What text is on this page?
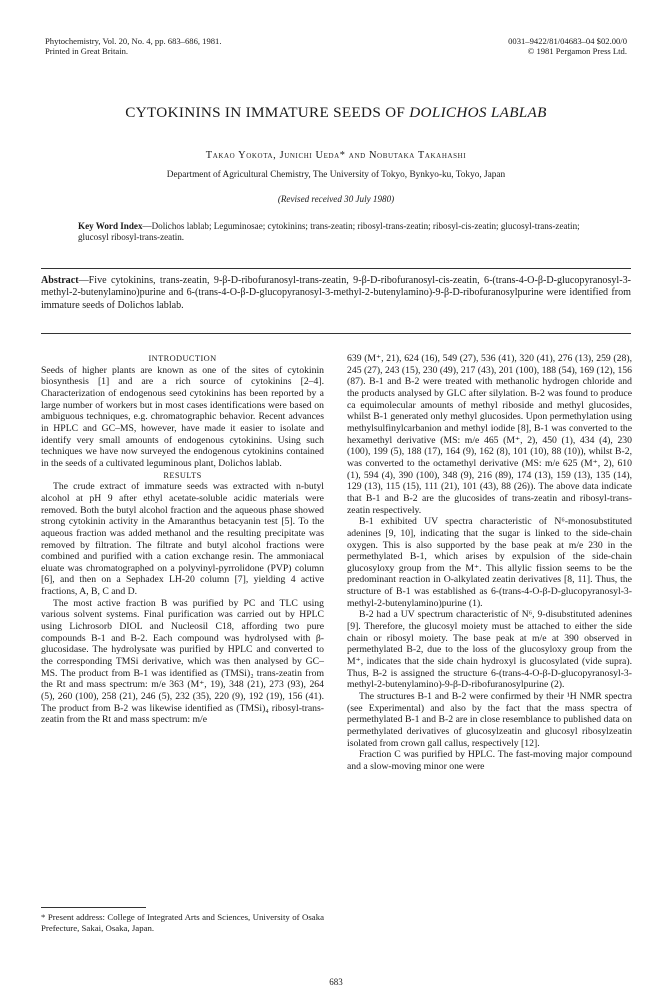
Phytochemistry, Vol. 20, No. 4, pp. 683–686, 1981.
Printed in Great Britain.
0031–9422/81/04683–04 $02.00/0
© 1981 Pergamon Press Ltd.
CYTOKININS IN IMMATURE SEEDS OF DOLICHOS LABLAB
Takao Yokota, Junichi Ueda* and Nobutaka Takahashi
Department of Agricultural Chemistry, The University of Tokyo, Bynkyo-ku, Tokyo, Japan
(Revised received 30 July 1980)
Key Word Index—Dolichos lablab; Leguminosae; cytokinins; trans-zeatin; ribosyl-trans-zeatin; ribosyl-cis-zeatin; glucosyl-trans-zeatin; glucosyl ribosyl-trans-zeatin.
Abstract—Five cytokinins, trans-zeatin, 9-β-D-ribofuranosyl-trans-zeatin, 9-β-D-ribofuranosyl-cis-zeatin, 6-(trans-4-O-β-D-glucopyranosyl-3-methyl-2-butenylamino)purine and 6-(trans-4-O-β-D-glucopyranosyl-3-methyl-2-butenylamino)-9-β-D-ribofuranosylpurine were identified from immature seeds of Dolichos lablab.

INTRODUCTION

Seeds of higher plants are known as one of the sites of cytokinin biosynthesis [1] and are a rich source of cytokinins [2–4]. Characterization of endogenous seed cytokinins has been reported by a large number of workers but in most cases identifications were based on ambiguous techniques, e.g. chromatographic behavior. Recent advances in HPLC and GC–MS, however, have made it easier to isolate and identify very small amounts of endogenous cytokinins. Using such techniques we have now surveyed the endogenous cytokinins contained in the seeds of a cultivated leguminous plant, Dolichos lablab.

RESULTS

The crude extract of immature seeds was extracted with n-butyl alcohol at pH 9 after ethyl acetate-soluble acidic materials were removed. Both the butyl alcohol fraction and the aqueous phase showed strong cytokinin activity in the Amaranthus betacyanin test [5]. To the aqueous fraction was added methanol and the resulting precipitate was removed by filtration. The filtrate and butyl alcohol fractions were combined and purified with a cation exchange resin. The ammoniacal eluate was chromatographed on a polyvinyl-pyrrolidone (PVP) column [6], and then on a Sephadex LH-20 column [7], yielding 4 active fractions, A, B, C and D.

The most active fraction B was purified by PC and TLC using various solvent systems. Final purification was carried out by HPLC using Lichrosorb DIOL and Nucleosil C18, affording two pure compounds B-1 and B-2. Each compound was hydrolysed with β-glucosidase. The hydrolysate was purified by HPLC and converted to the corresponding TMSi derivative, which was then analysed by GC–MS. The product from B-1 was identified as (TMSi)₂ trans-zeatin from the Rt and mass spectrum: m/e 363 (M⁺, 19), 348 (21), 273 (93), 264 (5), 260 (100), 258 (21), 246 (5), 232 (35), 220 (9), 192 (19), 156 (41). The product from B-2 was likewise identified as (TMSi)₄ ribosyl-trans-zeatin from the Rt and mass spectrum: m/e

* Present address: College of Integrated Arts and Sciences, University of Osaka Prefecture, Sakai, Osaka, Japan.

639 (M⁺, 21), 624 (16), 549 (27), 536 (41), 320 (41), 276 (13), 259 (28), 245 (27), 243 (15), 230 (49), 217 (43), 201 (100), 188 (54), 169 (12), 156 (87). B-1 and B-2 were treated with methanolic hydrogen chloride and the products analysed by GLC after silylation. B-2 was found to produce ca equimolecular amounts of methyl riboside and methyl glucosides, whilst B-1 generated only methyl glucosides. Upon permethylation using methylsulfinylcarbanion and methyl iodide [8], B-1 was converted to the hexamethyl derivative (MS: m/e 465 (M⁺, 2), 450 (1), 434 (4), 230 (100), 199 (5), 188 (17), 164 (9), 162 (8), 101 (10), 88 (10)), whilst B-2, was converted to the octamethyl derivative (MS: m/e 625 (M⁺, 2), 610 (1), 594 (4), 390 (100), 348 (9), 216 (89), 174 (13), 159 (13), 135 (14), 129 (13), 115 (15), 111 (21), 101 (43), 88 (26)). The above data indicate that B-1 and B-2 are the glucosides of trans-zeatin and ribosyl-trans-zeatin respectively.

B-1 exhibited UV spectra characteristic of N⁶-monosubstituted adenines [9, 10], indicating that the sugar is linked to the side-chain oxygen. This is also supported by the base peak at m/e 230 in the permethylated B-1, which arises by expulsion of the side-chain glucosyloxy group from the M⁺. This allylic fission seems to be the predominant reaction in O-alkylated zeatin derivatives [8, 11]. Thus, the structure of B-1 was established as 6-(trans-4-O-β-D-glucopyranosyl-3-methyl-2-butenylamino)purine (1).

B-2 had a UV spectrum characteristic of N⁶, 9-disubstituted adenines [9]. Therefore, the glucosyl moiety must be attached to either the side chain or ribosyl moiety. The base peak at m/e at 390 observed in permethylated B-2, due to the loss of the glucosyloxy group from the M⁺, indicates that the side chain hydroxyl is glucosylated (vide supra). Thus, B-2 is assigned the structure 6-(trans-4-O-β-D-glucopyranosyl-3-methyl-2-butenylamino)-9-β-D-ribofuranosylpurine (2).

The structures B-1 and B-2 were confirmed by their ¹H NMR spectra (see Experimental) and also by the fact that the mass spectra of permethylated B-1 and B-2 are in close resemblance to published data on permethylated derivatives of glucosylzeatin and glucosyl ribosylzeatin isolated from crown gall callus, respectively [12].

Fraction C was purified by HPLC. The fast-moving major compound and a slow-moving minor one were

683
